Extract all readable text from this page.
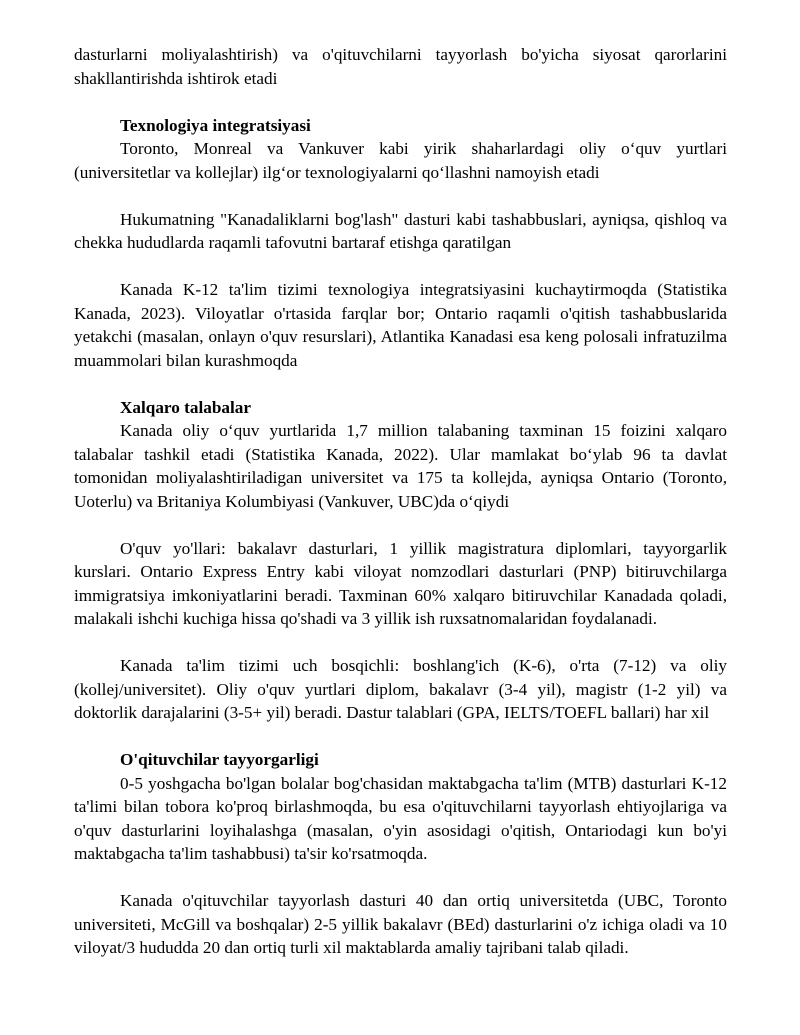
dasturlarni moliyalashtirish) va o'qituvchilarni tayyorlash bo'yicha siyosat qarorlarini shakllantirishda ishtirok etadi

Texnologiya integratsiyasi

Toronto, Monreal va Vankuver kabi yirik shaharlardagi oliy o‘quv yurtlari (universitetlar va kollejlar) ilg‘or texnologiyalarni qo‘llashni namoyish etadi

Hukumatning "Kanadaliklarni bog'lash" dasturi kabi tashabbuslari, ayniqsa, qishloq va chekka hududlarda raqamli tafovutni bartaraf etishga qaratilgan

Kanada K-12 ta'lim tizimi texnologiya integratsiyasini kuchaytirmoqda (Statistika Kanada, 2023). Viloyatlar o'rtasida farqlar bor; Ontario raqamli o'qitish tashabbuslarida yetakchi (masalan, onlayn o'quv resurslari), Atlantika Kanadasi esa keng polosali infratuzilma muammolari bilan kurashmoqda

Xalqaro talabalar

Kanada oliy o‘quv yurtlarida 1,7 million talabaning taxminan 15 foizini xalqaro talabalar tashkil etadi (Statistika Kanada, 2022). Ular mamlakat bo‘ylab 96 ta davlat tomonidan moliyalashtiriladigan universitet va 175 ta kollejda, ayniqsa Ontario (Toronto, Uoterlu) va Britaniya Kolumbiyasi (Vankuver, UBC)da o‘qiydi

O'quv yo'llari: bakalavr dasturlari, 1 yillik magistratura diplomlari, tayyorgarlik kurslari. Ontario Express Entry kabi viloyat nomzodlari dasturlari (PNP) bitiruvchilarga immigratsiya imkoniyatlarini beradi. Taxminan 60% xalqaro bitiruvchilar Kanadada qoladi, malakali ishchi kuchiga hissa qo'shadi va 3 yillik ish ruxsatnomalaridan foydalanadi.

Kanada ta'lim tizimi uch bosqichli: boshlang'ich (K-6), o'rta (7-12) va oliy (kollej/universitet). Oliy o'quv yurtlari diplom, bakalavr (3-4 yil), magistr (1-2 yil) va doktorlik darajalarini (3-5+ yil) beradi. Dastur talablari (GPA, IELTS/TOEFL ballari) har xil

O'qituvchilar tayyorgarligi

0-5 yoshgacha bo'lgan bolalar bog'chasidan maktabgacha ta'lim (MTB) dasturlari K-12 ta'limi bilan tobora ko'proq birlashmoqda, bu esa o'qituvchilarni tayyorlash ehtiyojlariga va o'quv dasturlarini loyihalashga (masalan, o'yin asosidagi o'qitish, Ontariodagi kun bo'yi maktabgacha ta'lim tashabbusi) ta'sir ko'rsatmoqda.

Kanada o'qituvchilar tayyorlash dasturi 40 dan ortiq universitetda (UBC, Toronto universiteti, McGill va boshqalar) 2-5 yillik bakalavr (BEd) dasturlarini o'z ichiga oladi va 10 viloyat/3 hududda 20 dan ortiq turli xil maktablarda amaliy tajribani talab qiladi.
